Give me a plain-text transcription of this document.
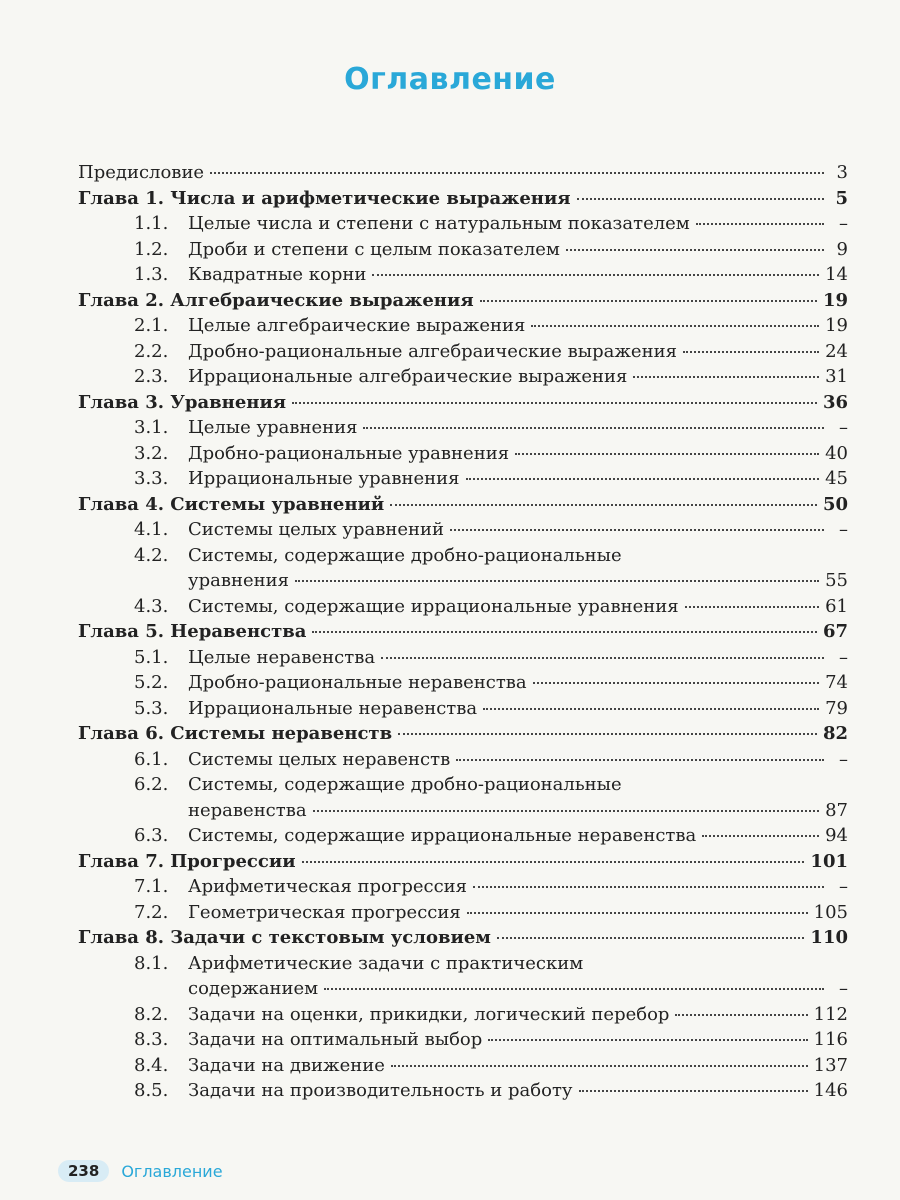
Оглавление
Предисловие	3
Глава 1. Числа и арифметические выражения	5
1.1. Целые числа и степени с натуральным показателем	–
1.2. Дроби и степени с целым показателем	9
1.3. Квадратные корни	14
Глава 2. Алгебраические выражения	19
2.1. Целые алгебраические выражения	19
2.2. Дробно-рациональные алгебраические выражения	24
2.3. Иррациональные алгебраические выражения	31
Глава 3. Уравнения	36
3.1. Целые уравнения	–
3.2. Дробно-рациональные уравнения	40
3.3. Иррациональные уравнения	45
Глава 4. Системы уравнений	50
4.1. Системы целых уравнений	–
4.2. Системы, содержащие дробно-рациональные
уравнения	55
4.3. Системы, содержащие иррациональные уравнения	61
Глава 5. Неравенства	67
5.1. Целые неравенства	–
5.2. Дробно-рациональные неравенства	74
5.3. Иррациональные неравенства	79
Глава 6. Системы неравенств	82
6.1. Системы целых неравенств	–
6.2. Системы, содержащие дробно-рациональные
неравенства	87
6.3. Системы, содержащие иррациональные неравенства	94
Глава 7. Прогрессии	101
7.1. Арифметическая прогрессия	–
7.2. Геометрическая прогрессия	105
Глава 8. Задачи с текстовым условием	110
8.1. Арифметические задачи с практическим
содержанием	–
8.2. Задачи на оценки, прикидки, логический перебор	112
8.3. Задачи на оптимальный выбор	116
8.4. Задачи на движение	137
8.5. Задачи на производительность и работу	146
238	Оглавление
